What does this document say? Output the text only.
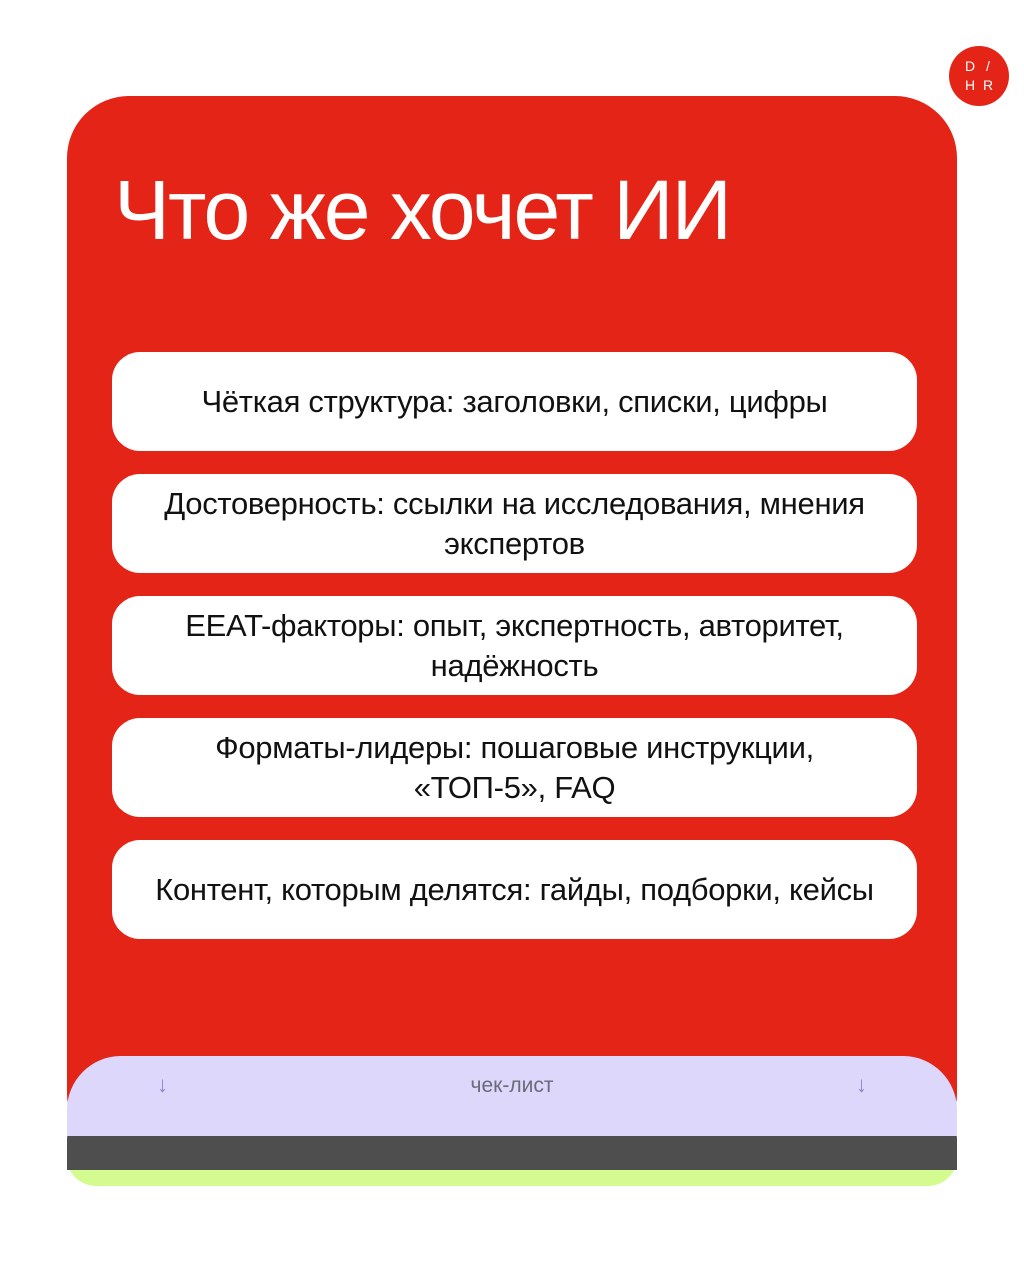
D /
H R
Что же хочет ИИ
Чёткая структура: заголовки, списки, цифры
Достоверность: ссылки на исследования, мнения экспертов
EEAT-факторы: опыт, экспертность, авторитет, надёжность
Форматы-лидеры: пошаговые инструкции, «ТОП-5», FAQ
Контент, которым делятся: гайды, подборки, кейсы
↓	чек-лист	↓
